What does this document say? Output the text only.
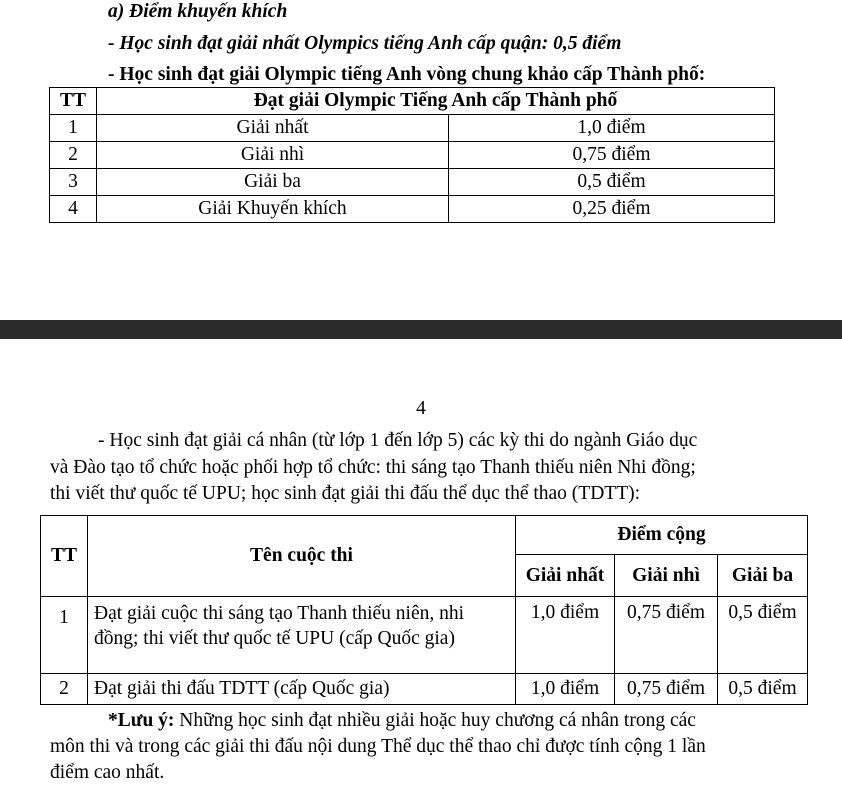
a) Điểm khuyến khích
- Học sinh đạt giải nhất Olympics tiếng Anh cấp quận: 0,5 điểm
- Học sinh đạt giải Olympic tiếng Anh vòng chung khảo cấp Thành phố:
TT	Đạt giải Olympic Tiếng Anh cấp Thành phố	
1	Giải nhất	1,0 điểm
2	Giải nhì	0,75 điểm
3	Giải ba	0,5 điểm
4	Giải Khuyến khích	0,25 điểm
4
- Học sinh đạt giải cá nhân (từ lớp 1 đến lớp 5) các kỳ thi do ngành Giáo dục
và Đào tạo tổ chức hoặc phối hợp tổ chức: thi sáng tạo Thanh thiếu niên Nhi đồng;
thi viết thư quốc tế UPU; học sinh đạt giải thi đấu thể dục thể thao (TDTT):
TT	Tên cuộc thi	Điểm cộng		
		Giải nhất	Giải nhì	Giải ba
1	Đạt giải cuộc thi sáng tạo Thanh thiếu niên, nhi
đồng; thi viết thư quốc tế UPU (cấp Quốc gia)	1,0 điểm	0,75 điểm	0,5 điểm
2	Đạt giải thi đấu TDTT (cấp Quốc gia)	1,0 điểm	0,75 điểm	0,5 điểm
*Lưu ý: Những học sinh đạt nhiều giải hoặc huy chương cá nhân trong các
môn thi và trong các giải thi đấu nội dung Thể dục thể thao chỉ được tính cộng 1 lần
điểm cao nhất.
